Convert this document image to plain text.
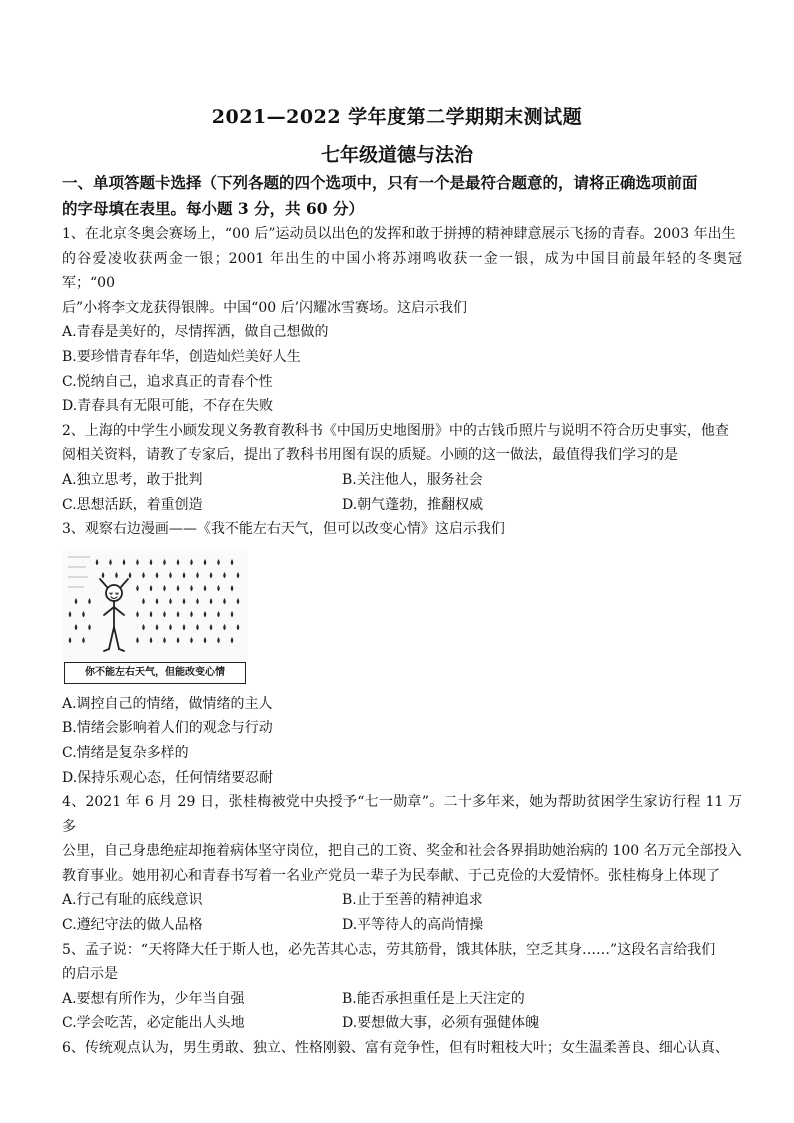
2021—2022 学年度第二学期期末测试题
七年级道德与法治

一、单项答题卡选择（下列各题的四个选项中，只有一个是最符合题意的，请将正确选项前面

的字母填在表里。每小题 3 分，共 60 分）

1、在北京冬奥会赛场上，“00 后”运动员以出色的发挥和敢于拼搏的精神肆意展示飞扬的青春。2003 年出生

的谷爱凌收获两金一银；2001 年出生的中国小将苏翊鸣收获一金一银，成为中国目前最年轻的冬奥冠军；“00

后”小将李文龙获得银牌。中国“00 后’闪耀冰雪赛场。这启示我们

A.青春是美好的，尽情挥洒，做自己想做的

B.要珍惜青春年华，创造灿烂美好人生

C.悦纳自己，追求真正的青春个性

D.青春具有无限可能，不存在失败

2、上海的中学生小顾发现义务教育教科书《中国历史地图册》中的古钱币照片与说明不符合历史事实，他查

阅相关资料，请教了专家后，提出了教科书用图有误的质疑。小顾的这一做法，最值得我们学习的是

A.独立思考，敢于批判	B.关注他人，服务社会
C.思想活跃，着重创造	D.朝气蓬勃，推翻权威

3、观察右边漫画——《我不能左右天气，但可以改变心情》这启示我们

你不能左右天气，但能改变心情

A.调控自己的情绪，做情绪的主人

B.情绪会影响着人们的观念与行动

C.情绪是复杂多样的

D.保持乐观心态，任何情绪要忍耐

4、2021 年 6 月 29 日，张桂梅被党中央授予“七一勋章”。二十多年来，她为帮助贫困学生家访行程 11 万多

公里，自己身患绝症却拖着病体坚守岗位，把自己的工资、奖金和社会各界捐助她治病的 100 名万元全部投入

教育事业。她用初心和青春书写着一名业产党员一辈子为民奉献、于己克俭的大爱情怀。张桂梅身上体现了

A.行己有耻的底线意识	B.止于至善的精神追求
C.遵纪守法的做人品格	D.平等待人的高尚情操

5、孟子说：“天将降大任于斯人也，必先苦其心志，劳其筋骨，饿其体肤，空乏其身……”这段名言给我们

的启示是

A.要想有所作为，少年当自强	B.能否承担重任是上天注定的
C.学会吃苦，必定能出人头地	D.要想做大事，必须有强健体魄

6、传统观点认为，男生勇敢、独立、性格刚毅、富有竞争性，但有时粗枝大叶；女生温柔善良、细心认真、
